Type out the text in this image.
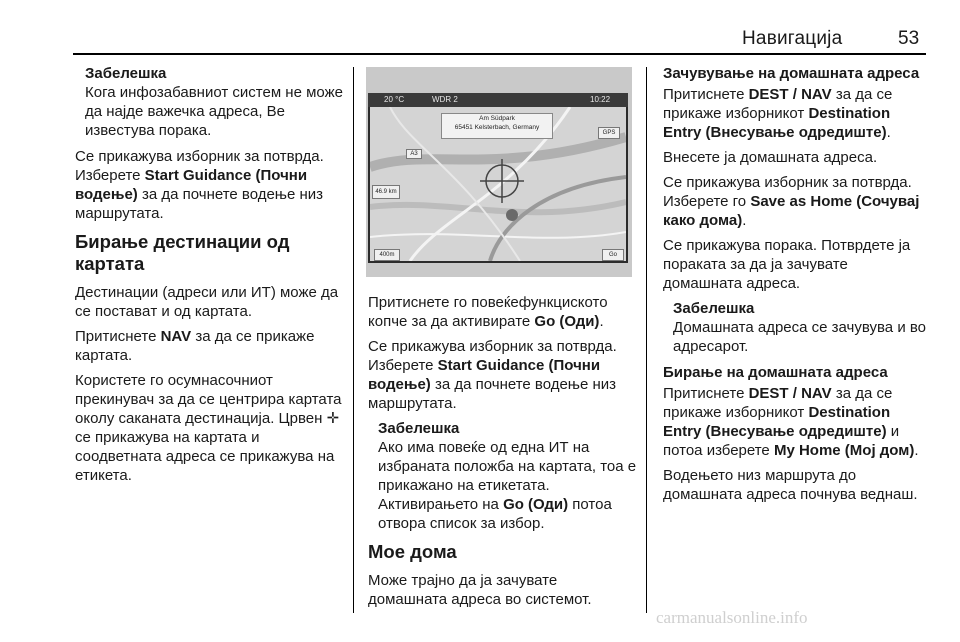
Навигација	53
Забелешка
Кога инфозабавниот систем не може да најде важечка адреса, Ве известува порака.

Се прикажува изборник за потврда. Изберете Start Guidance (Почни водење) за да почнете водење низ маршрутата.

Бирање дестинации од картата

Дестинации (адреси или ИТ) може да се поставaт и од картата.

Притиснете NAV за да се прикаже картата.

Користете го осумнасочниот прекинувач за да се центрира картата околу саканата дестинација. Црвен ✛ се прикажува на картата и соодветната адреса се прикажува на етикета.

20 °C	WDR 2	10:22
Am Südpark
65451 Kelsterbach, Germany
GPS
A3
46.9 km
400m	Go

Притиснете го повеќефункциското копче за да активирате Go (Оди).

Се прикажува изборник за потврда. Изберете Start Guidance (Почни водење) за да почнете водење низ маршрутата.

Забелешка
Ако има повеќе од една ИТ на избраната положба на картата, тоа е прикажано на етикетата. Активирањето на Go (Оди) потоа отвора список за избор.
Мое дома

Може трајно да ја зачувате домашната адреса во системот.

Зачувување на домашната адреса

Притиснете DEST / NAV за да се прикаже изборникот Destination Entry (Внесување одредиште).

Внесете ја домашната адреса.

Се прикажува изборник за потврда. Изберете го Save as Home (Сочувај како дома).

Се прикажува порака. Потврдете ја пораката за да ја зачувате домашната адреса.

Забелешка
Домашната адреса се зачувува и во адресарот.
Бирање на домашната адреса

Притиснете DEST / NAV за да се прикаже изборникот Destination Entry (Внесување одредиште) и потоа изберете My Home (Мој дом).

Водењето низ маршрута до домашната адреса почнува веднаш.

carmanualsonline.info
